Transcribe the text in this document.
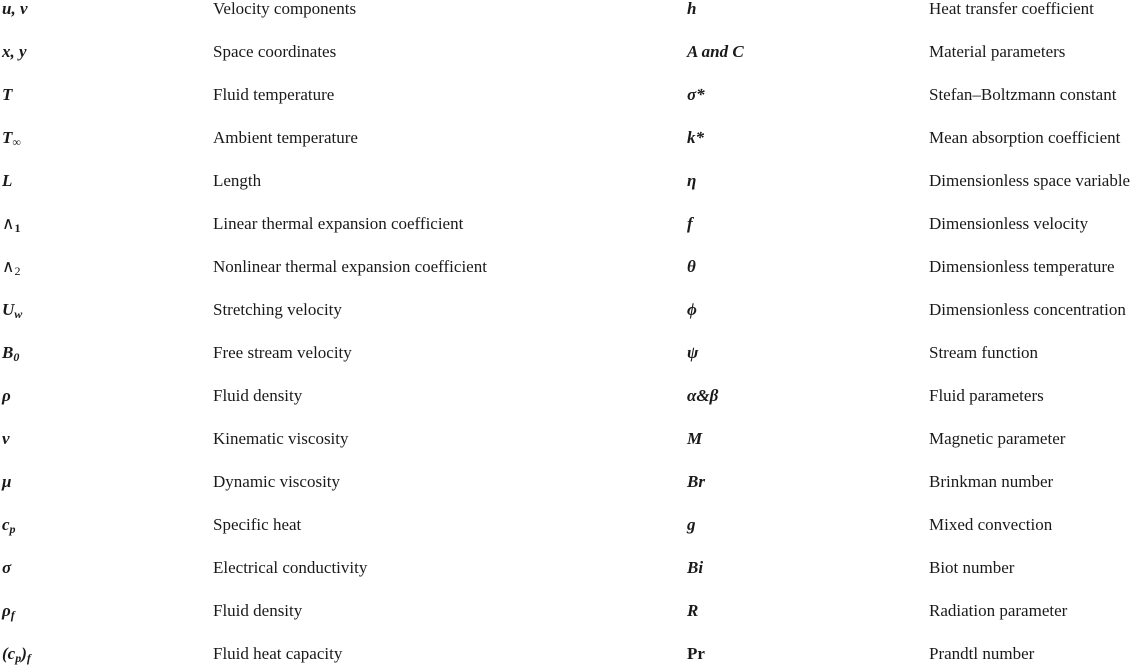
u, v	Velocity components	h	Heat transfer coefficient
x, y	Space coordinates	A and C	Material parameters
T	Fluid temperature	σ*	Stefan–Boltzmann constant
$T_\infty$	Ambient temperature	k*	Mean absorption coefficient
L	Length	η	Dimensionless space variable
$\wedge_1$	Linear thermal expansion coefficient	f	Dimensionless velocity
$\wedge_2$	Nonlinear thermal expansion coefficient	θ	Dimensionless temperature
$U_w$	Stretching velocity	ϕ	Dimensionless concentration
$B_0$	Free stream velocity	ψ	Stream function
ρ	Fluid density	α&β	Fluid parameters
ν	Kinematic viscosity	M	Magnetic parameter
μ	Dynamic viscosity	Br	Brinkman number
$c_p$	Specific heat	g	Mixed convection
σ	Electrical conductivity	Bi	Biot number
$\rho_f$	Fluid density	R	Radiation parameter
$(c_p)_f$	Fluid heat capacity	Pr	Prandtl number
